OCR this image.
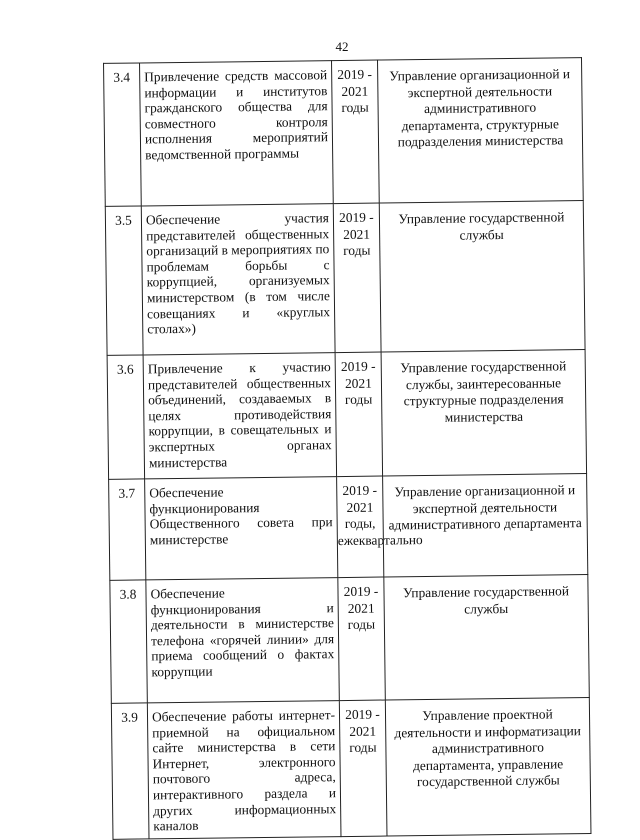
42
3.4	Привлечение средств массовой информации и институтов гражданского общества для совместного контроля исполнения мероприятий ведомственной программы	2019 - 2021 годы	Управление организационной и экспертной деятельности административного департамента, структурные подразделения министерства
3.5	Обеспечение участия представителей общественных организаций в мероприятиях по проблемам борьбы с коррупцией, организуемых министерством (в том числе совещаниях и «круглых столах»)	2019 - 2021 годы	Управление государственной службы
3.6	Привлечение к участию представителей общественных объединений, создаваемых в целях противодействия коррупции, в совещательных и экспертных органах министерства	2019 - 2021 годы	Управление государственной службы, заинтересованные структурные подразделения министерства
3.7	Обеспечение функционирования Общественного совета при министерстве	2019 - 2021 годы, ежеквартально	Управление организационной и экспертной деятельности административного департамента
3.8	Обеспечение функционирования и деятельности в министерстве телефона «горячей линии» для приема сообщений о фактах коррупции	2019 - 2021 годы	Управление государственной службы
3.9	Обеспечение работы интернет-приемной на официальном сайте министерства в сети Интернет, электронного почтового адреса, интерактивного раздела и других информационных каналов	2019 - 2021 годы	Управление проектной деятельности и информатизации административного департамента, управление государственной службы
